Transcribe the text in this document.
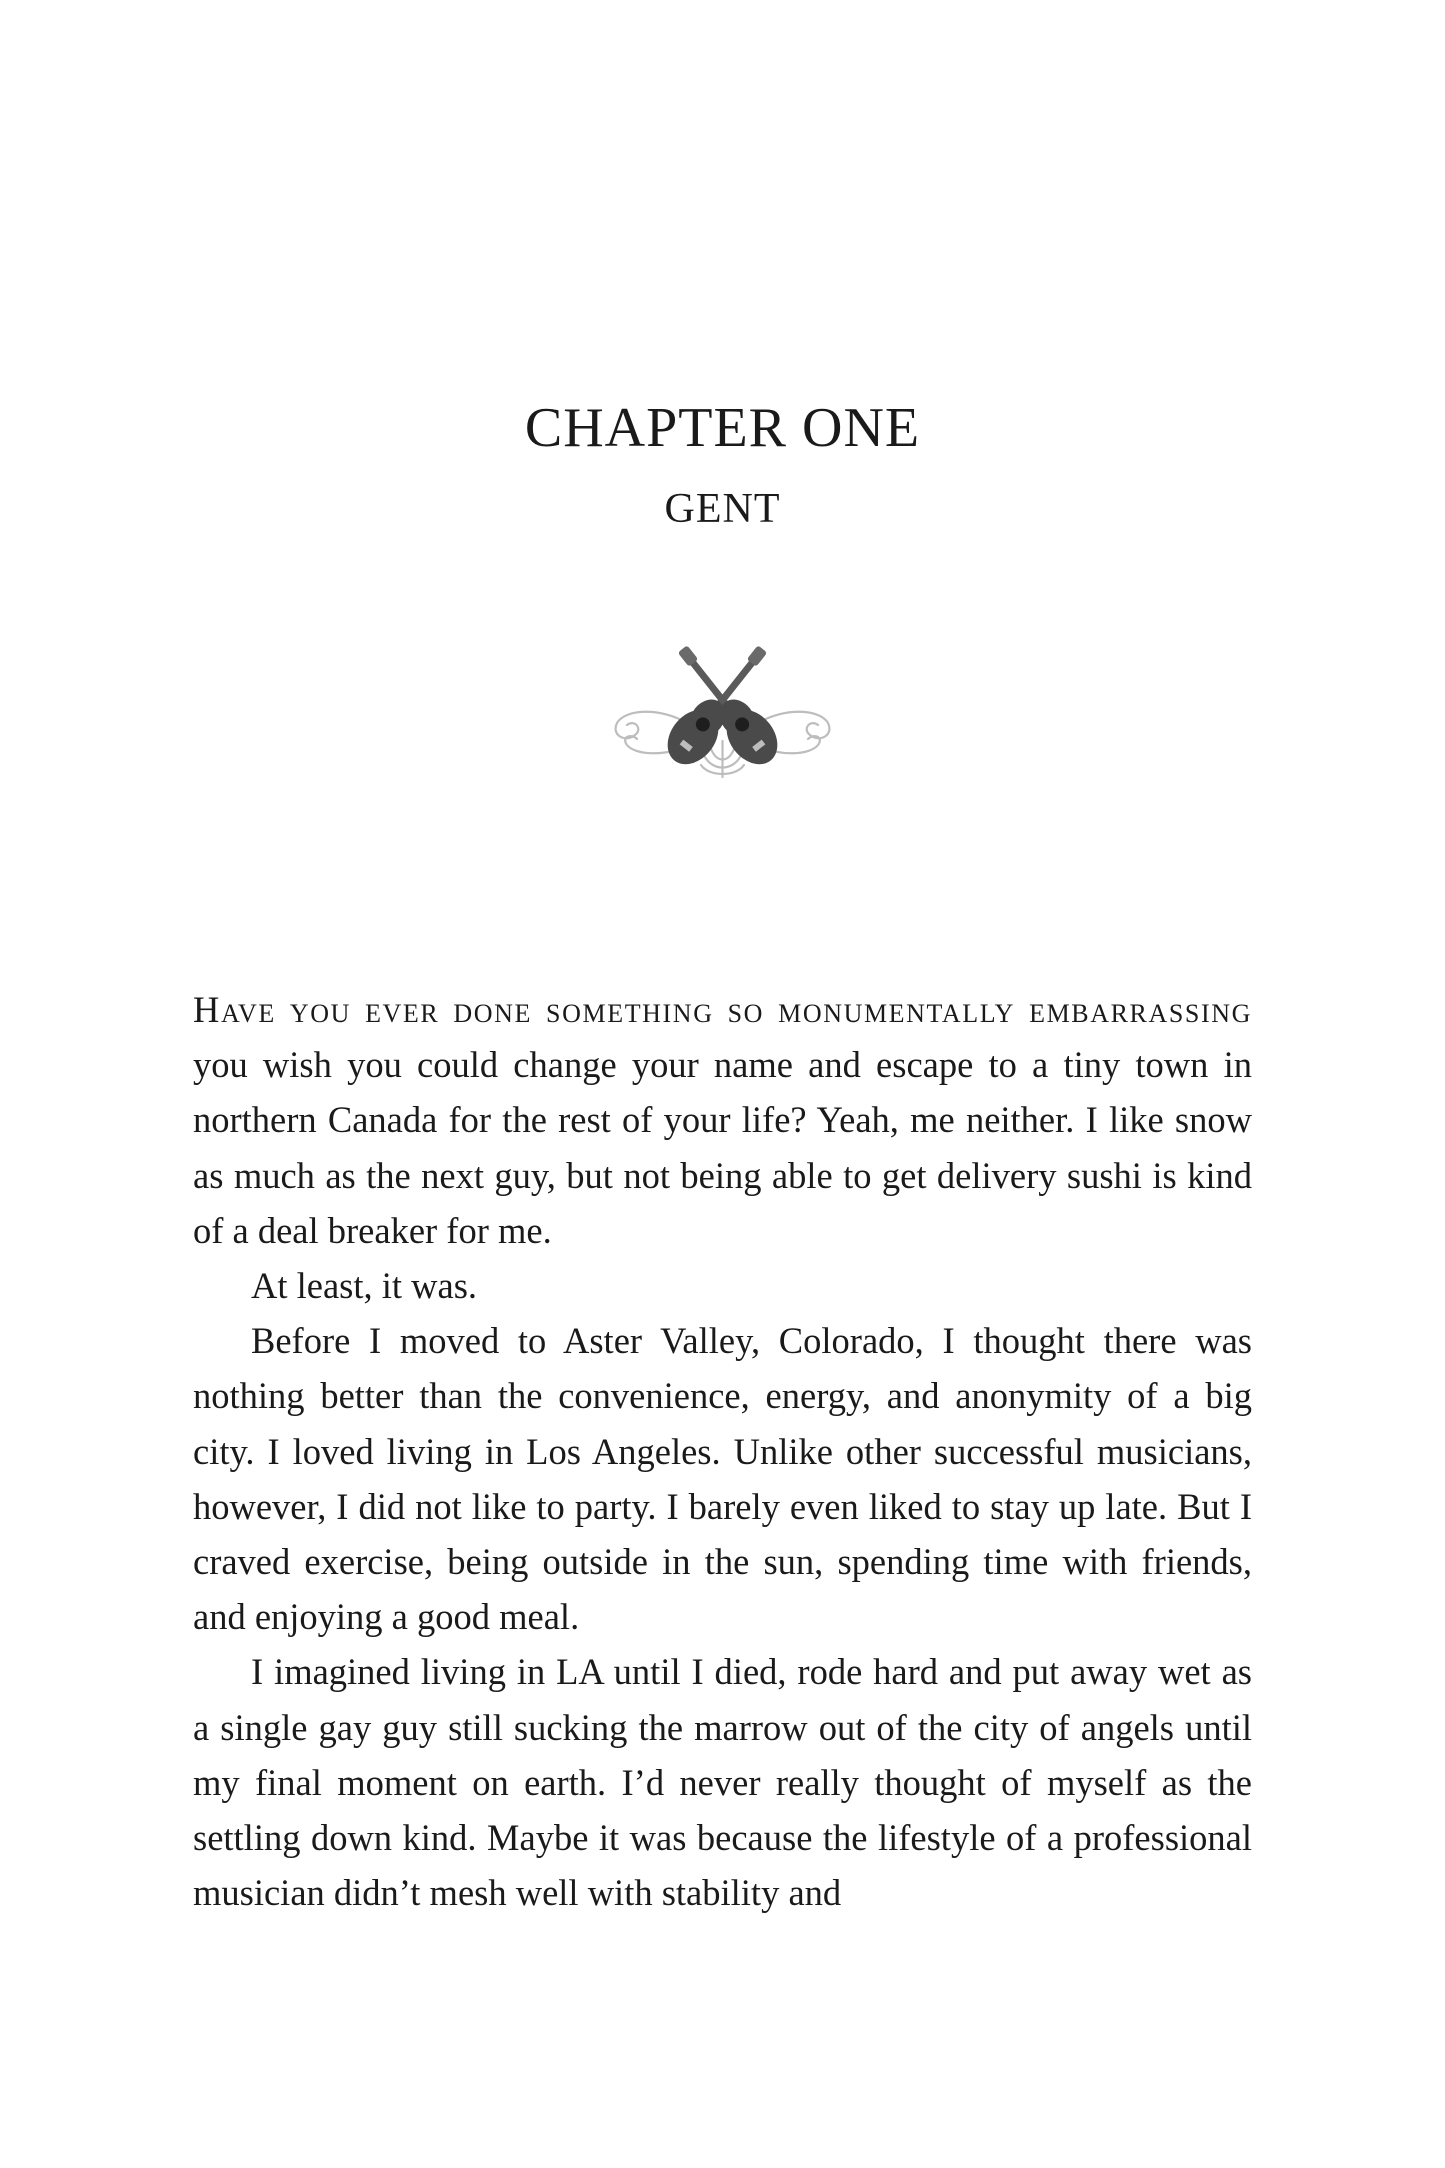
CHAPTER ONE
GENT

Have you ever done something so monumentally embarrassing you wish you could change your name and escape to a tiny town in northern Canada for the rest of your life? Yeah, me neither. I like snow as much as the next guy, but not being able to get delivery sushi is kind of a deal breaker for me.

At least, it was.

Before I moved to Aster Valley, Colorado, I thought there was nothing better than the convenience, energy, and anonymity of a big city. I loved living in Los Angeles. Unlike other successful musicians, however, I did not like to party. I barely even liked to stay up late. But I craved exercise, being outside in the sun, spending time with friends, and enjoying a good meal.

I imagined living in LA until I died, rode hard and put away wet as a single gay guy still sucking the marrow out of the city of angels until my final moment on earth. I’d never really thought of myself as the settling down kind. Maybe it was because the lifestyle of a professional musician didn’t mesh well with stability and
